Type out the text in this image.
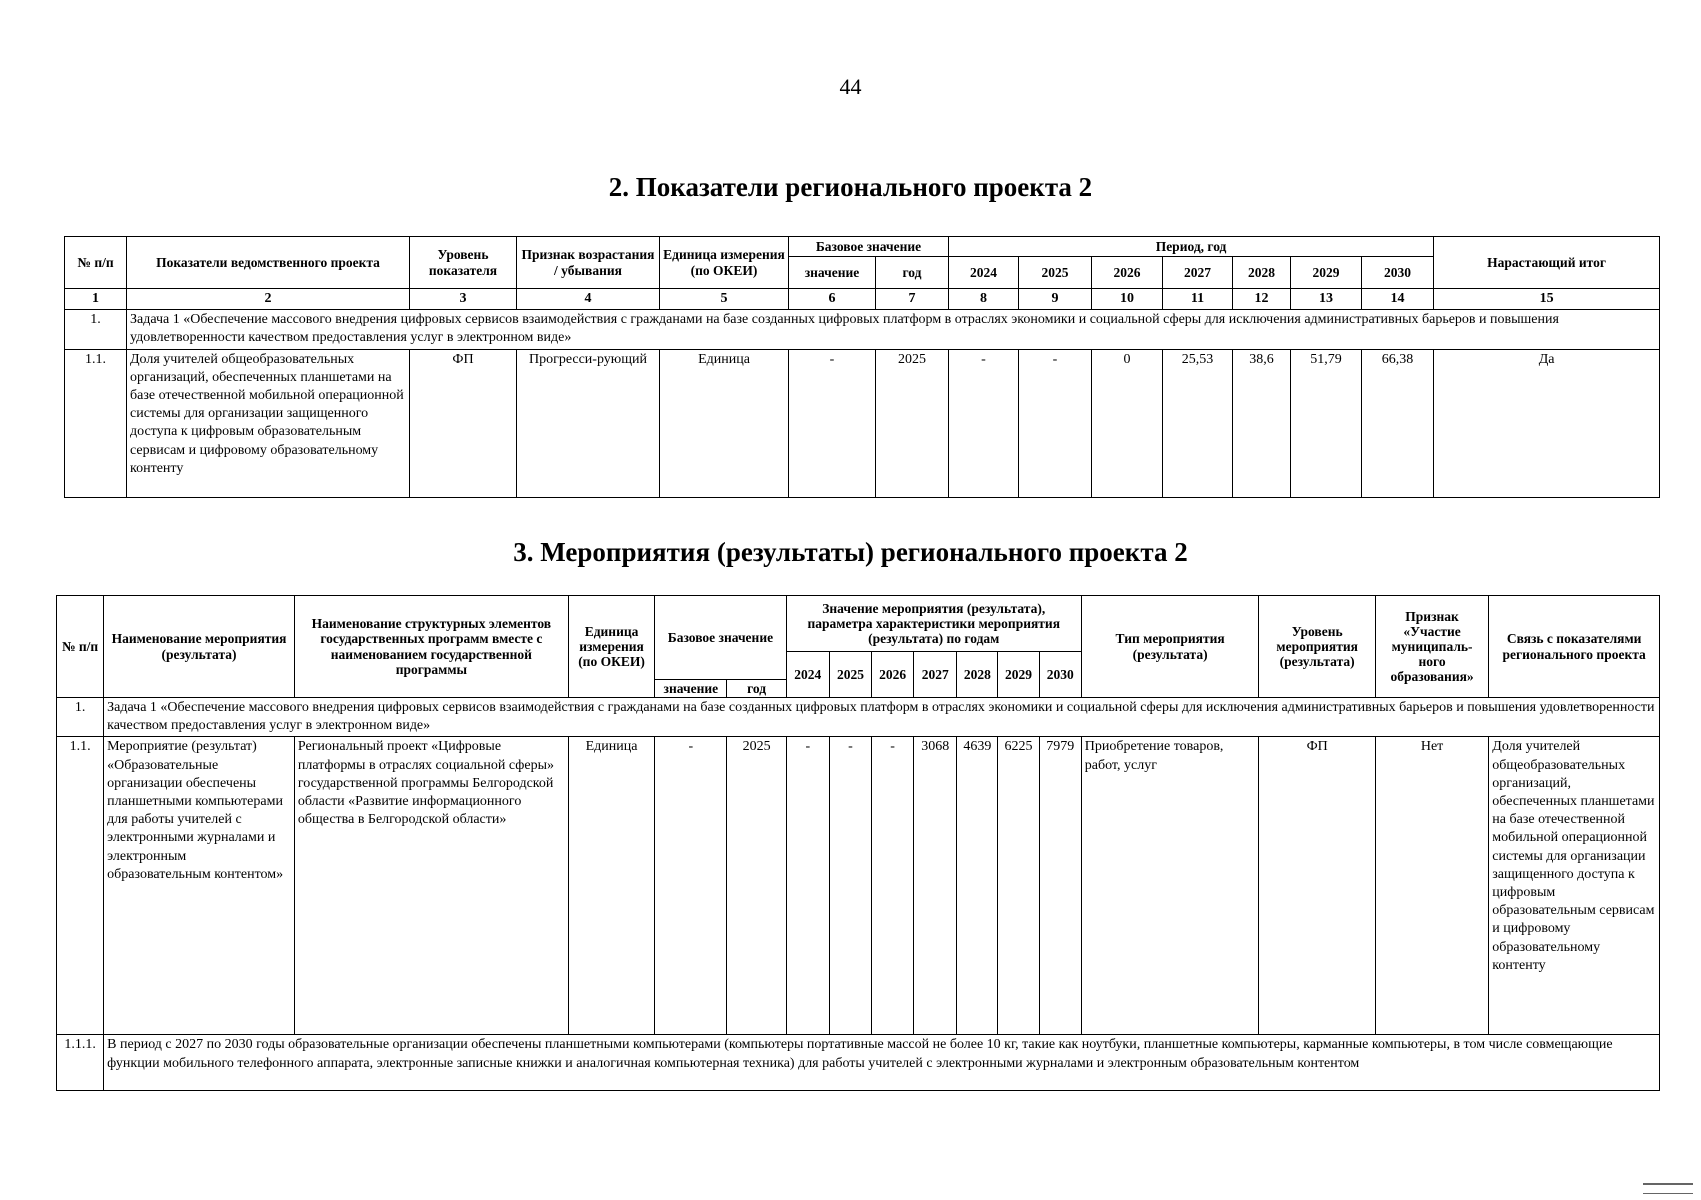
44
2. Показатели регионального проекта 2
№ п/п	Показатели ведомственного проекта	Уровень показателя	Признак возрастания / убывания	Единица измерения (по ОКЕИ)	Базовое значение		Период, год							Нарастающий итог
					значение	год	2024	2025	2026	2027	2028	2029	2030	
1	2	3	4	5	6	7	8	9	10	11	12	13	14	15
1.	Задача 1 «Обеспечение массового внедрения цифровых сервисов взаимодействия с гражданами на базе созданных цифровых платформ в отраслях экономики и социальной сферы для исключения административных барьеров и повышения удовлетворенности качеством предоставления услуг в электронном виде»													
1.1.	Доля учителей общеобразовательных организаций, обеспеченных планшетами на базе отечественной мобильной операционной системы для организации защищенного доступа к цифровым образовательным сервисам и цифровому образовательному контенту	ФП	Прогресси-рующий	Единица	-	2025	-	-	0	25,53	38,6	51,79	66,38	Да
3. Мероприятия (результаты) регионального проекта 2
№ п/п	Наименование мероприятия (результата)	Наименование структурных элементов государственных программ вместе с наименованием государственной программы	Единица измерения (по ОКЕИ)	Базовое значение		Значение мероприятия (результата), параметра характеристики мероприятия (результата) по годам							Тип мероприятия (результата)	Уровень мероприятия (результата)	Признак «Участие муниципаль-ного образования»	Связь с показателями регионального проекта
						2024	2025	2026	2027	2028	2029	2030				
				значение	год											
1.	Задача 1 «Обеспечение массового внедрения цифровых сервисов взаимодействия с гражданами на базе созданных цифровых платформ в отраслях экономики и социальной сферы для исключения административных барьеров и повышения удовлетворенности качеством предоставления услуг в электронном виде»															
1.1.	Мероприятие (результат) «Образовательные организации обеспечены планшетными компьютерами для работы учителей с электронными журналами и электронным образовательным контентом»	Региональный проект «Цифровые платформы в отраслях социальной сферы» государственной программы Белгородской области «Развитие информационного общества в Белгородской области»	Единица	-	2025	-	-	-	3068	4639	6225	7979	Приобретение товаров, работ, услуг	ФП	Нет	Доля учителей общеобразовательных организаций, обеспеченных планшетами на базе отечественной мобильной операционной системы для организации защищенного доступа к цифровым образовательным сервисам и цифровому образовательному контенту
1.1.1.	В период с 2027 по 2030 годы образовательные организации обеспечены планшетными компьютерами (компьютеры портативные массой не более 10 кг, такие как ноутбуки, планшетные компьютеры, карманные компьютеры, в том числе совмещающие функции мобильного телефонного аппарата, электронные записные книжки и аналогичная компьютерная техника) для работы учителей с электронными журналами и электронным образовательным контентом															
